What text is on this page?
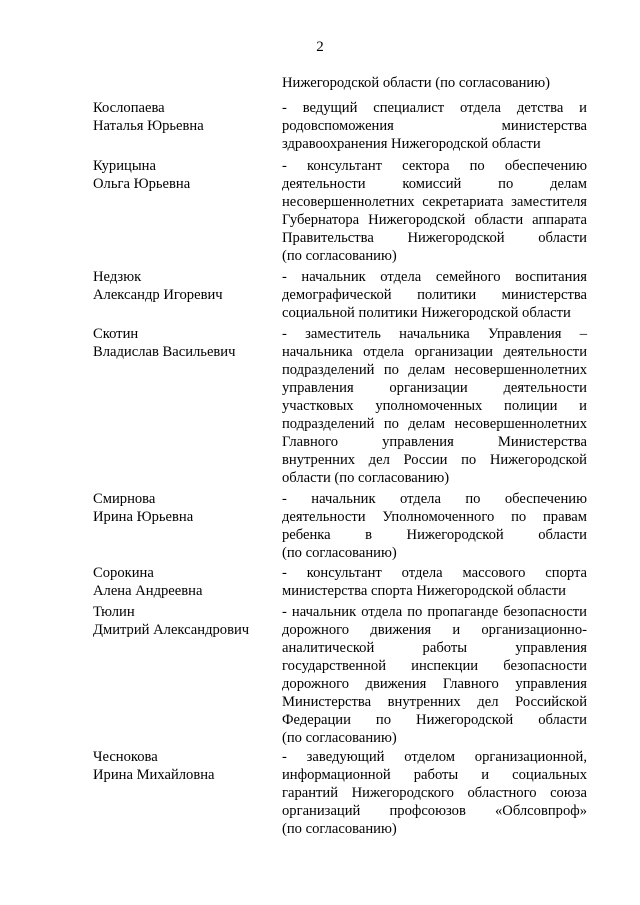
2
Нижегородской области (по согласованию)
Кослопаева
Наталья Юрьевна
- ведущий специалист отдела детства и
родовспоможения министерства
здравоохранения Нижегородской области
Курицына
Ольга Юрьевна
- консультант сектора по обеспечению
деятельности комиссий по делам
несовершеннолетних секретариата заместителя
Губернатора Нижегородской области аппарата
Правительства Нижегородской области
(по согласованию)
Недзюк
Александр Игоревич
- начальник отдела семейного воспитания
демографической политики министерства
социальной политики Нижегородской области
Скотин
Владислав Васильевич
- заместитель начальника Управления –
начальника отдела организации деятельности
подразделений по делам несовершеннолетних
управления организации деятельности
участковых уполномоченных полиции и
подразделений по делам несовершеннолетних
Главного управления Министерства
внутренних дел России по Нижегородской
области (по согласованию)
Смирнова
Ирина Юрьевна
- начальник отдела по обеспечению
деятельности Уполномоченного по правам
ребенка в Нижегородской области
(по согласованию)
Сорокина
Алена Андреевна
- консультант отдела массового спорта
министерства спорта Нижегородской области
Тюлин
Дмитрий Александрович
- начальник отдела по пропаганде безопасности
дорожного движения и организационно-
аналитической работы управления
государственной инспекции безопасности
дорожного движения Главного управления
Министерства внутренних дел Российской
Федерации по Нижегородской области
(по согласованию)
Чеснокова
Ирина Михайловна
- заведующий отделом организационной,
информационной работы и социальных
гарантий Нижегородского областного союза
организаций профсоюзов «Облсовпроф»
(по согласованию)
